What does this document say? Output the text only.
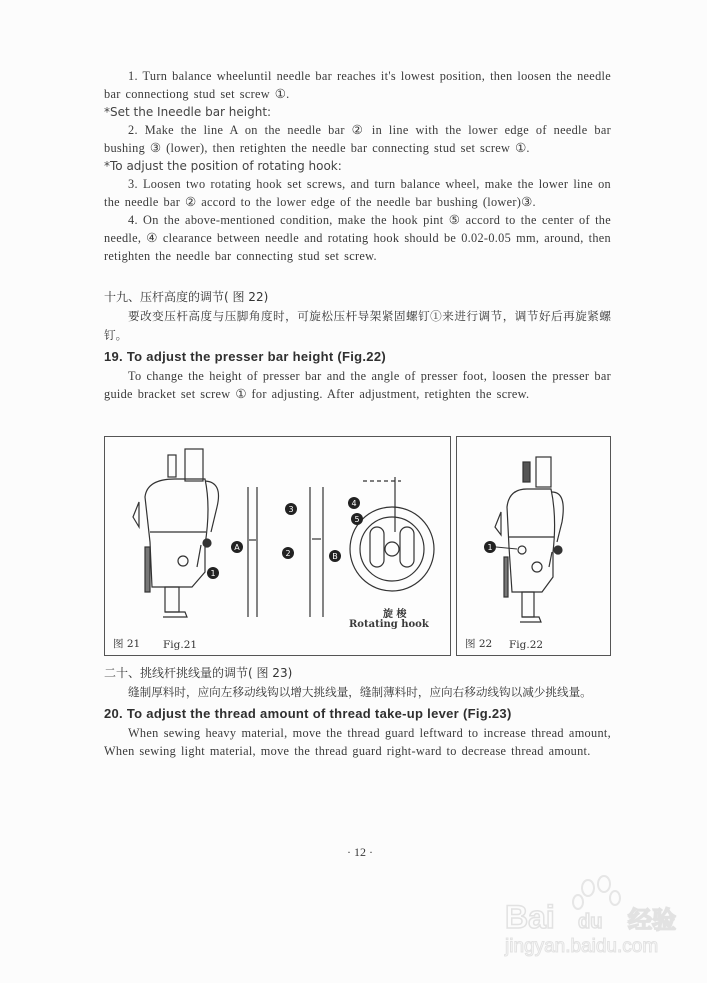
1. Turn balance wheeluntil needle bar reaches it's lowest position, then loosen the needle bar connectiong stud set screw ①.

*Set the Ineedle bar height:

2. Make the line A on the needle bar ② in line with the lower edge of needle bar bushing ③ (lower), then retighten the needle bar connecting stud set screw ①.

*To adjust the position of rotating hook:

3. Loosen two rotating hook set screws, and turn balance wheel, make the lower line on the needle bar ② accord to the lower edge of the needle bar bushing (lower)③.

4. On the above-mentioned condition, make the hook pint ⑤ accord to the center of the needle, ④ clearance between needle and rotating hook should be 0.02-0.05 mm, around, then retighten the needle bar connecting stud set screw.

十九、压杆高度的调节( 图 22)

要改变压杆高度与压脚角度时，可旋松压杆导架紧固螺钉①来进行调节，调节好后再旋紧螺钉。

19. To adjust the presser bar height (Fig.22)

To change the height of presser bar and the angle of presser foot, loosen the presser bar guide bracket set screw ① for adjusting. After adjustment, retighten the screw.

1
2
3
4
5
A
B
旋 梭
Rotating hook
图 21 Fig.21
1
图 22 Fig.22

二十、挑线杆挑线量的调节( 图 23)

缝制厚料时，应向左移动线钩以增大挑线量，缝制薄料时，应向右移动线钩以减少挑线量。

20. To adjust the thread amount of thread take-up lever (Fig.23)

When sewing heavy material, move the thread guard leftward to increase thread amount, When sewing light material, move the thread guard right-ward to decrease thread amount.

· 12 ·
Bai du 经验
jingyan.baidu.com
